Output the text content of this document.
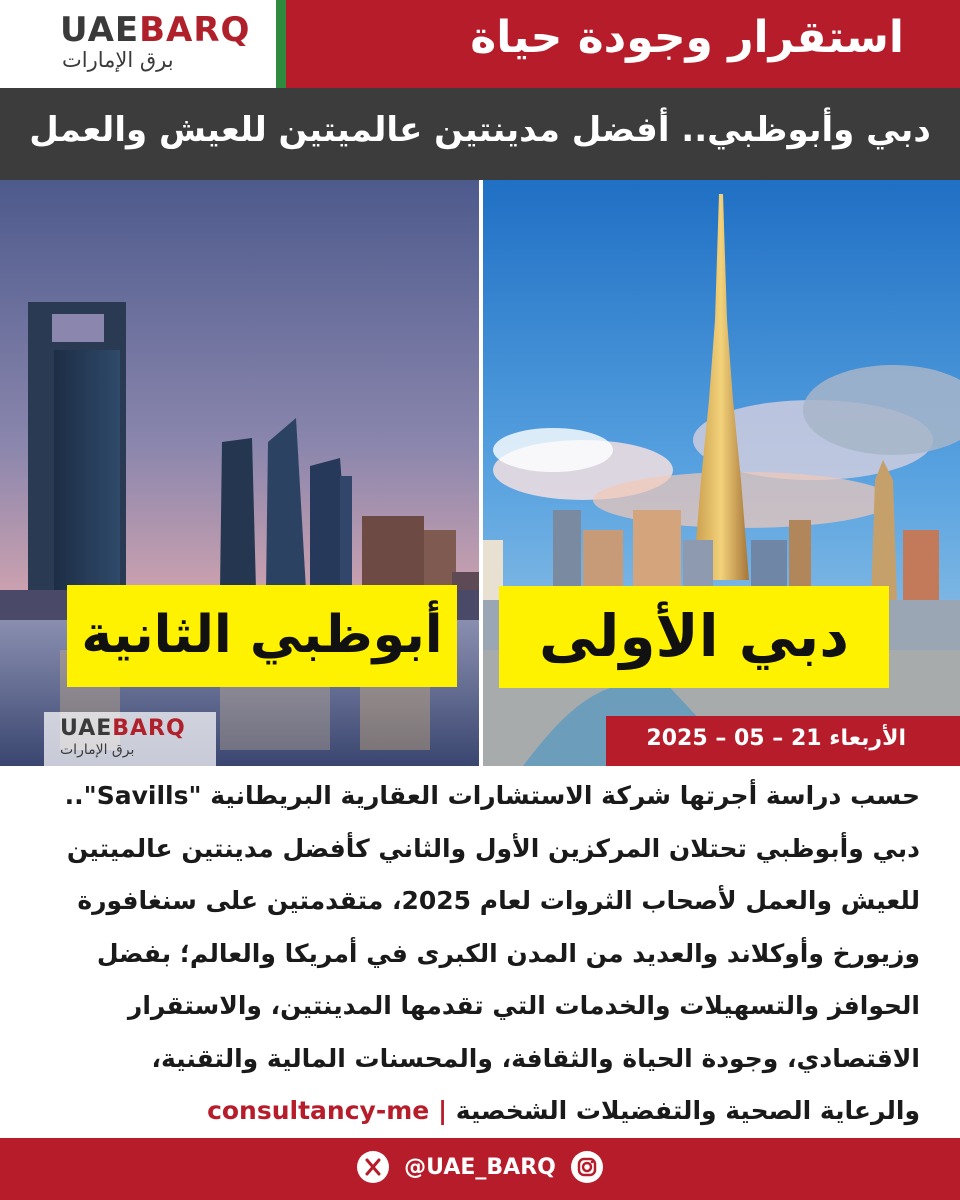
UAEBARQ
برق الإمارات	استقرار وجودة حياة
دبي وأبوظبي.. أفضل مدينتين عالميتين للعيش والعمل
أبوظبي الثانية	دبي الأولى
UAEBARQ
برق الإمارات	الأربعاء 21 – 05 – 2025
حسب دراسة أجرتها شركة الاستشارات العقارية البريطانية "Savills"..
دبي وأبوظبي تحتلان المركزين الأول والثاني كأفضل مدينتين عالميتين
للعيش والعمل لأصحاب الثروات لعام 2025، متقدمتين على سنغافورة
وزيورخ وأوكلاند والعديد من المدن الكبرى في أمريكا والعالم؛ بفضل
الحوافز والتسهيلات والخدمات التي تقدمها المدينتين، والاستقرار
الاقتصادي، وجودة الحياة والثقافة، والمحسنات المالية والتقنية،
والرعاية الصحية والتفضيلات الشخصية | consultancy-me
@UAE_BARQ
